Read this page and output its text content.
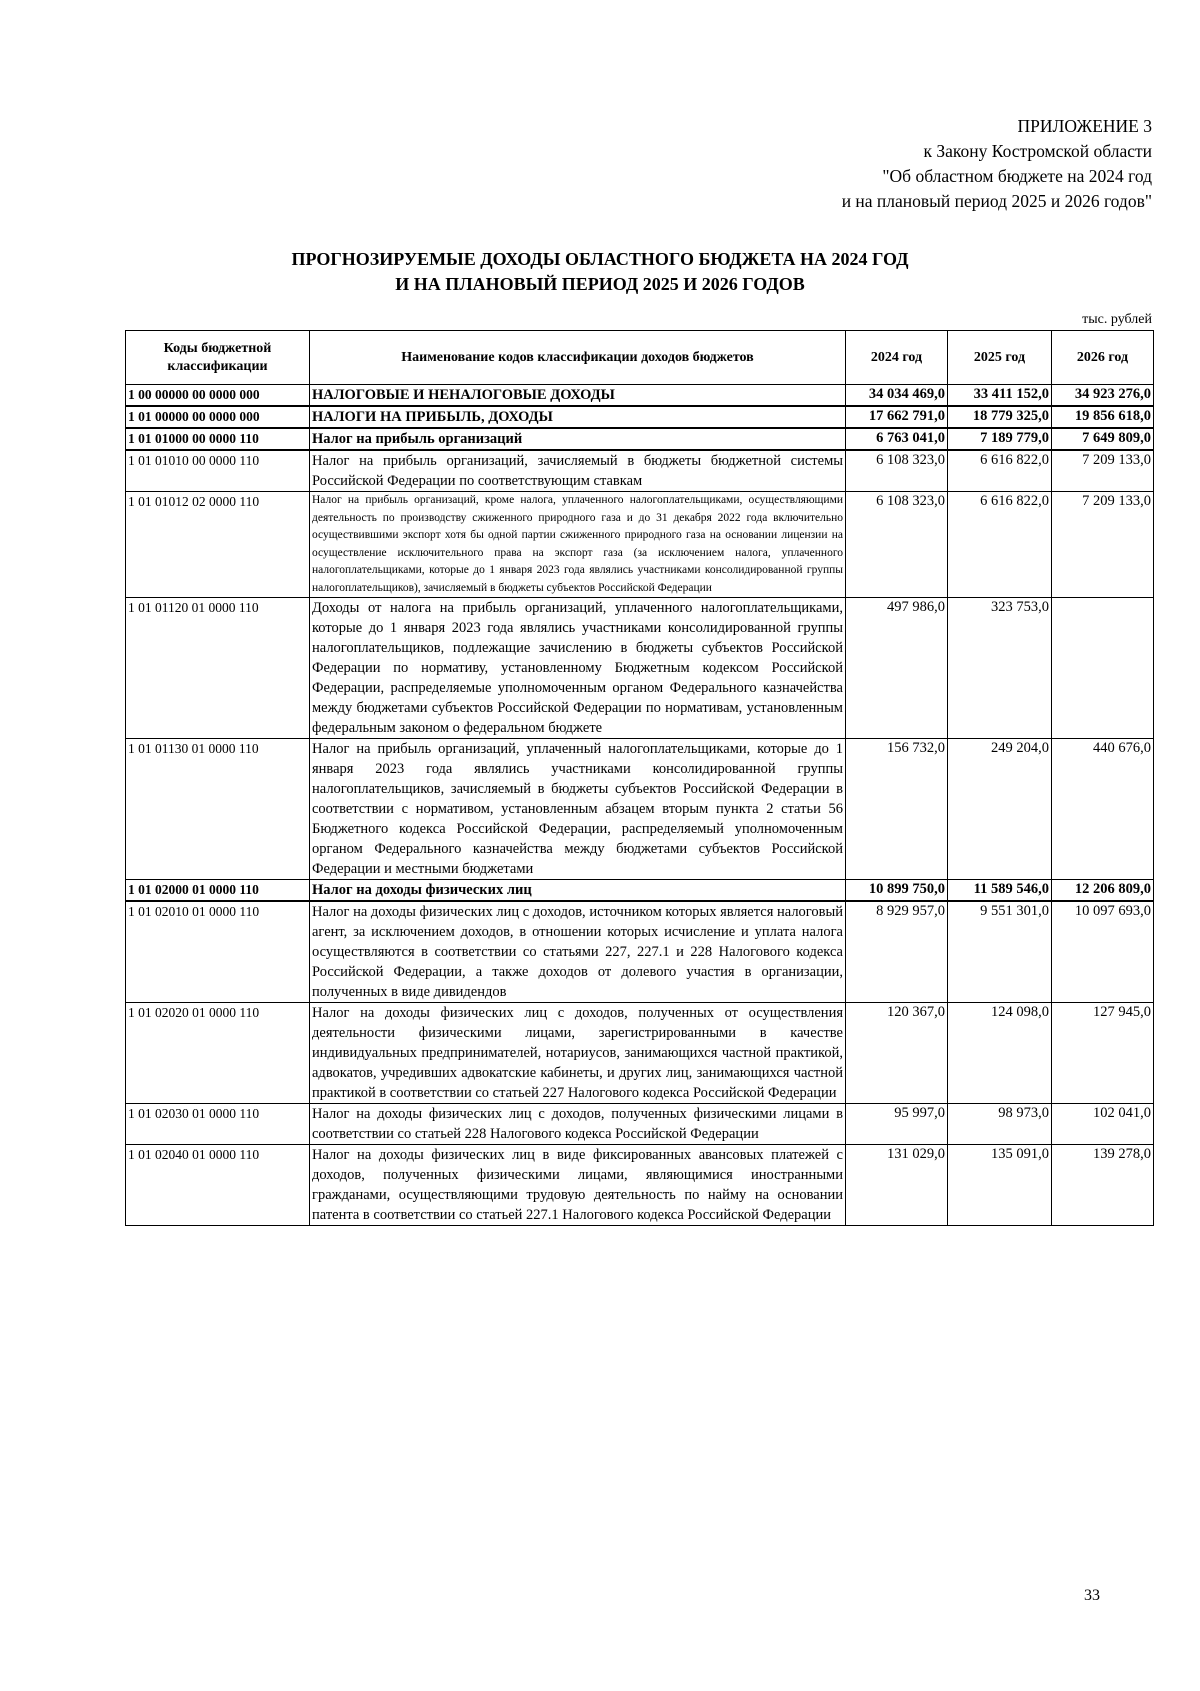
ПРИЛОЖЕНИЕ 3
к Закону Костромской области
"Об областном бюджете на 2024 год
и на плановый период 2025 и 2026 годов"
ПРОГНОЗИРУЕМЫЕ ДОХОДЫ ОБЛАСТНОГО БЮДЖЕТА НА 2024 ГОД
И НА ПЛАНОВЫЙ ПЕРИОД 2025 И 2026 ГОДОВ
тыс. рублей
Коды бюджетной классификации	Наименование кодов классификации доходов бюджетов	2024 год	2025 год	2026 год
1 00 00000 00 0000 000	НАЛОГОВЫЕ И НЕНАЛОГОВЫЕ ДОХОДЫ	34 034 469,0	33 411 152,0	34 923 276,0
1 01 00000 00 0000 000	НАЛОГИ НА ПРИБЫЛЬ, ДОХОДЫ	17 662 791,0	18 779 325,0	19 856 618,0
1 01 01000 00 0000 110	Налог на прибыль организаций	6 763 041,0	7 189 779,0	7 649 809,0
1 01 01010 00 0000 110	Налог на прибыль организаций, зачисляемый в бюджеты бюджетной системы Российской Федерации по соответствующим ставкам	6 108 323,0	6 616 822,0	7 209 133,0
1 01 01012 02 0000 110	Налог на прибыль организаций, кроме налога, уплаченного налогоплательщиками, осуществляющими деятельность по производству сжиженного природного газа и до 31 декабря 2022 года включительно осуществившими экспорт хотя бы одной партии сжиженного природного газа на основании лицензии на осуществление исключительного права на экспорт газа (за исключением налога, уплаченного налогоплательщиками, которые до 1 января 2023 года являлись участниками консолидированной группы налогоплательщиков), зачисляемый в бюджеты субъектов Российской Федерации	6 108 323,0	6 616 822,0	7 209 133,0
1 01 01120 01 0000 110	Доходы от налога на прибыль организаций, уплаченного налогоплательщиками, которые до 1 января 2023 года являлись участниками консолидированной группы налогоплательщиков, подлежащие зачислению в бюджеты субъектов Российской Федерации по нормативу, установленному Бюджетным кодексом Российской Федерации, распределяемые уполномоченным органом Федерального казначейства между бюджетами субъектов Российской Федерации по нормативам, установленным федеральным законом о федеральном бюджете	497 986,0	323 753,0	
1 01 01130 01 0000 110	Налог на прибыль организаций, уплаченный налогоплательщиками, которые до 1 января 2023 года являлись участниками консолидированной группы налогоплательщиков, зачисляемый в бюджеты субъектов Российской Федерации в соответствии с нормативом, установленным абзацем вторым пункта 2 статьи 56 Бюджетного кодекса Российской Федерации, распределяемый уполномоченным органом Федерального казначейства между бюджетами субъектов Российской Федерации и местными бюджетами	156 732,0	249 204,0	440 676,0
1 01 02000 01 0000 110	Налог на доходы физических лиц	10 899 750,0	11 589 546,0	12 206 809,0
1 01 02010 01 0000 110	Налог на доходы физических лиц с доходов, источником которых является налоговый агент, за исключением доходов, в отношении которых исчисление и уплата налога осуществляются в соответствии со статьями 227, 227.1 и 228 Налогового кодекса Российской Федерации, а также доходов от долевого участия в организации, полученных в виде дивидендов	8 929 957,0	9 551 301,0	10 097 693,0
1 01 02020 01 0000 110	Налог на доходы физических лиц с доходов, полученных от осуществления деятельности физическими лицами, зарегистрированными в качестве индивидуальных предпринимателей, нотариусов, занимающихся частной практикой, адвокатов, учредивших адвокатские кабинеты, и других лиц, занимающихся частной практикой в соответствии со статьей 227 Налогового кодекса Российской Федерации	120 367,0	124 098,0	127 945,0
1 01 02030 01 0000 110	Налог на доходы физических лиц с доходов, полученных физическими лицами в соответствии со статьей 228 Налогового кодекса Российской Федерации	95 997,0	98 973,0	102 041,0
1 01 02040 01 0000 110	Налог на доходы физических лиц в виде фиксированных авансовых платежей с доходов, полученных физическими лицами, являющимися иностранными гражданами, осуществляющими трудовую деятельность по найму на основании патента в соответствии со статьей 227.1 Налогового кодекса Российской Федерации	131 029,0	135 091,0	139 278,0
33
